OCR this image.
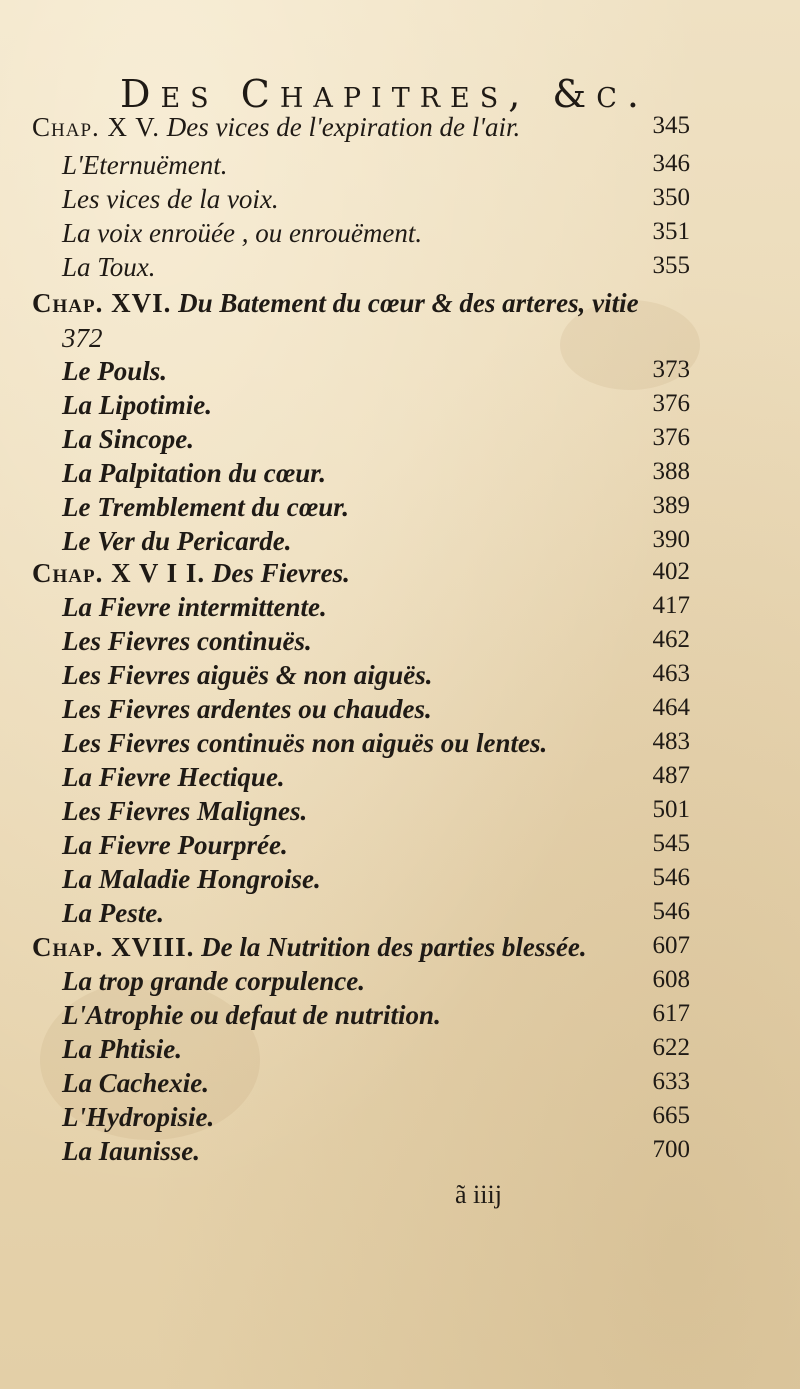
Des Chapitres, &c.
Chap. X V. Des vices de l'expiration de l'air.	345
L'Eternuëment.	346
Les vices de la voix.	350
La voix enroüée , ou enrouëment.	351
La Toux.	355
Chap. XVI. Du Batement du cœur & des arteres, vitie
372
Le Pouls.	373
La Lipotimie.	376
La Sincope.	376
La Palpitation du cœur.	388
Le Tremblement du cœur.	389
Le Ver du Pericarde.	390
Chap. X V I I. Des Fievres.	402
La Fievre intermittente.	417
Les Fievres continuës.	462
Les Fievres aiguës & non aiguës.	463
Les Fievres ardentes ou chaudes.	464
Les Fievres continuës non aiguës ou lentes.	483
La Fievre Hectique.	487
Les Fievres Malignes.	501
La Fievre Pourprée.	545
La Maladie Hongroise.	546
La Peste.	546
Chap. XVIII. De la Nutrition des parties blessée.	607
La trop grande corpulence.	608
L'Atrophie ou defaut de nutrition.	617
La Phtisie.	622
La Cachexie.	633
L'Hydropisie.	665
La Iaunisse.	700
ã iiij
